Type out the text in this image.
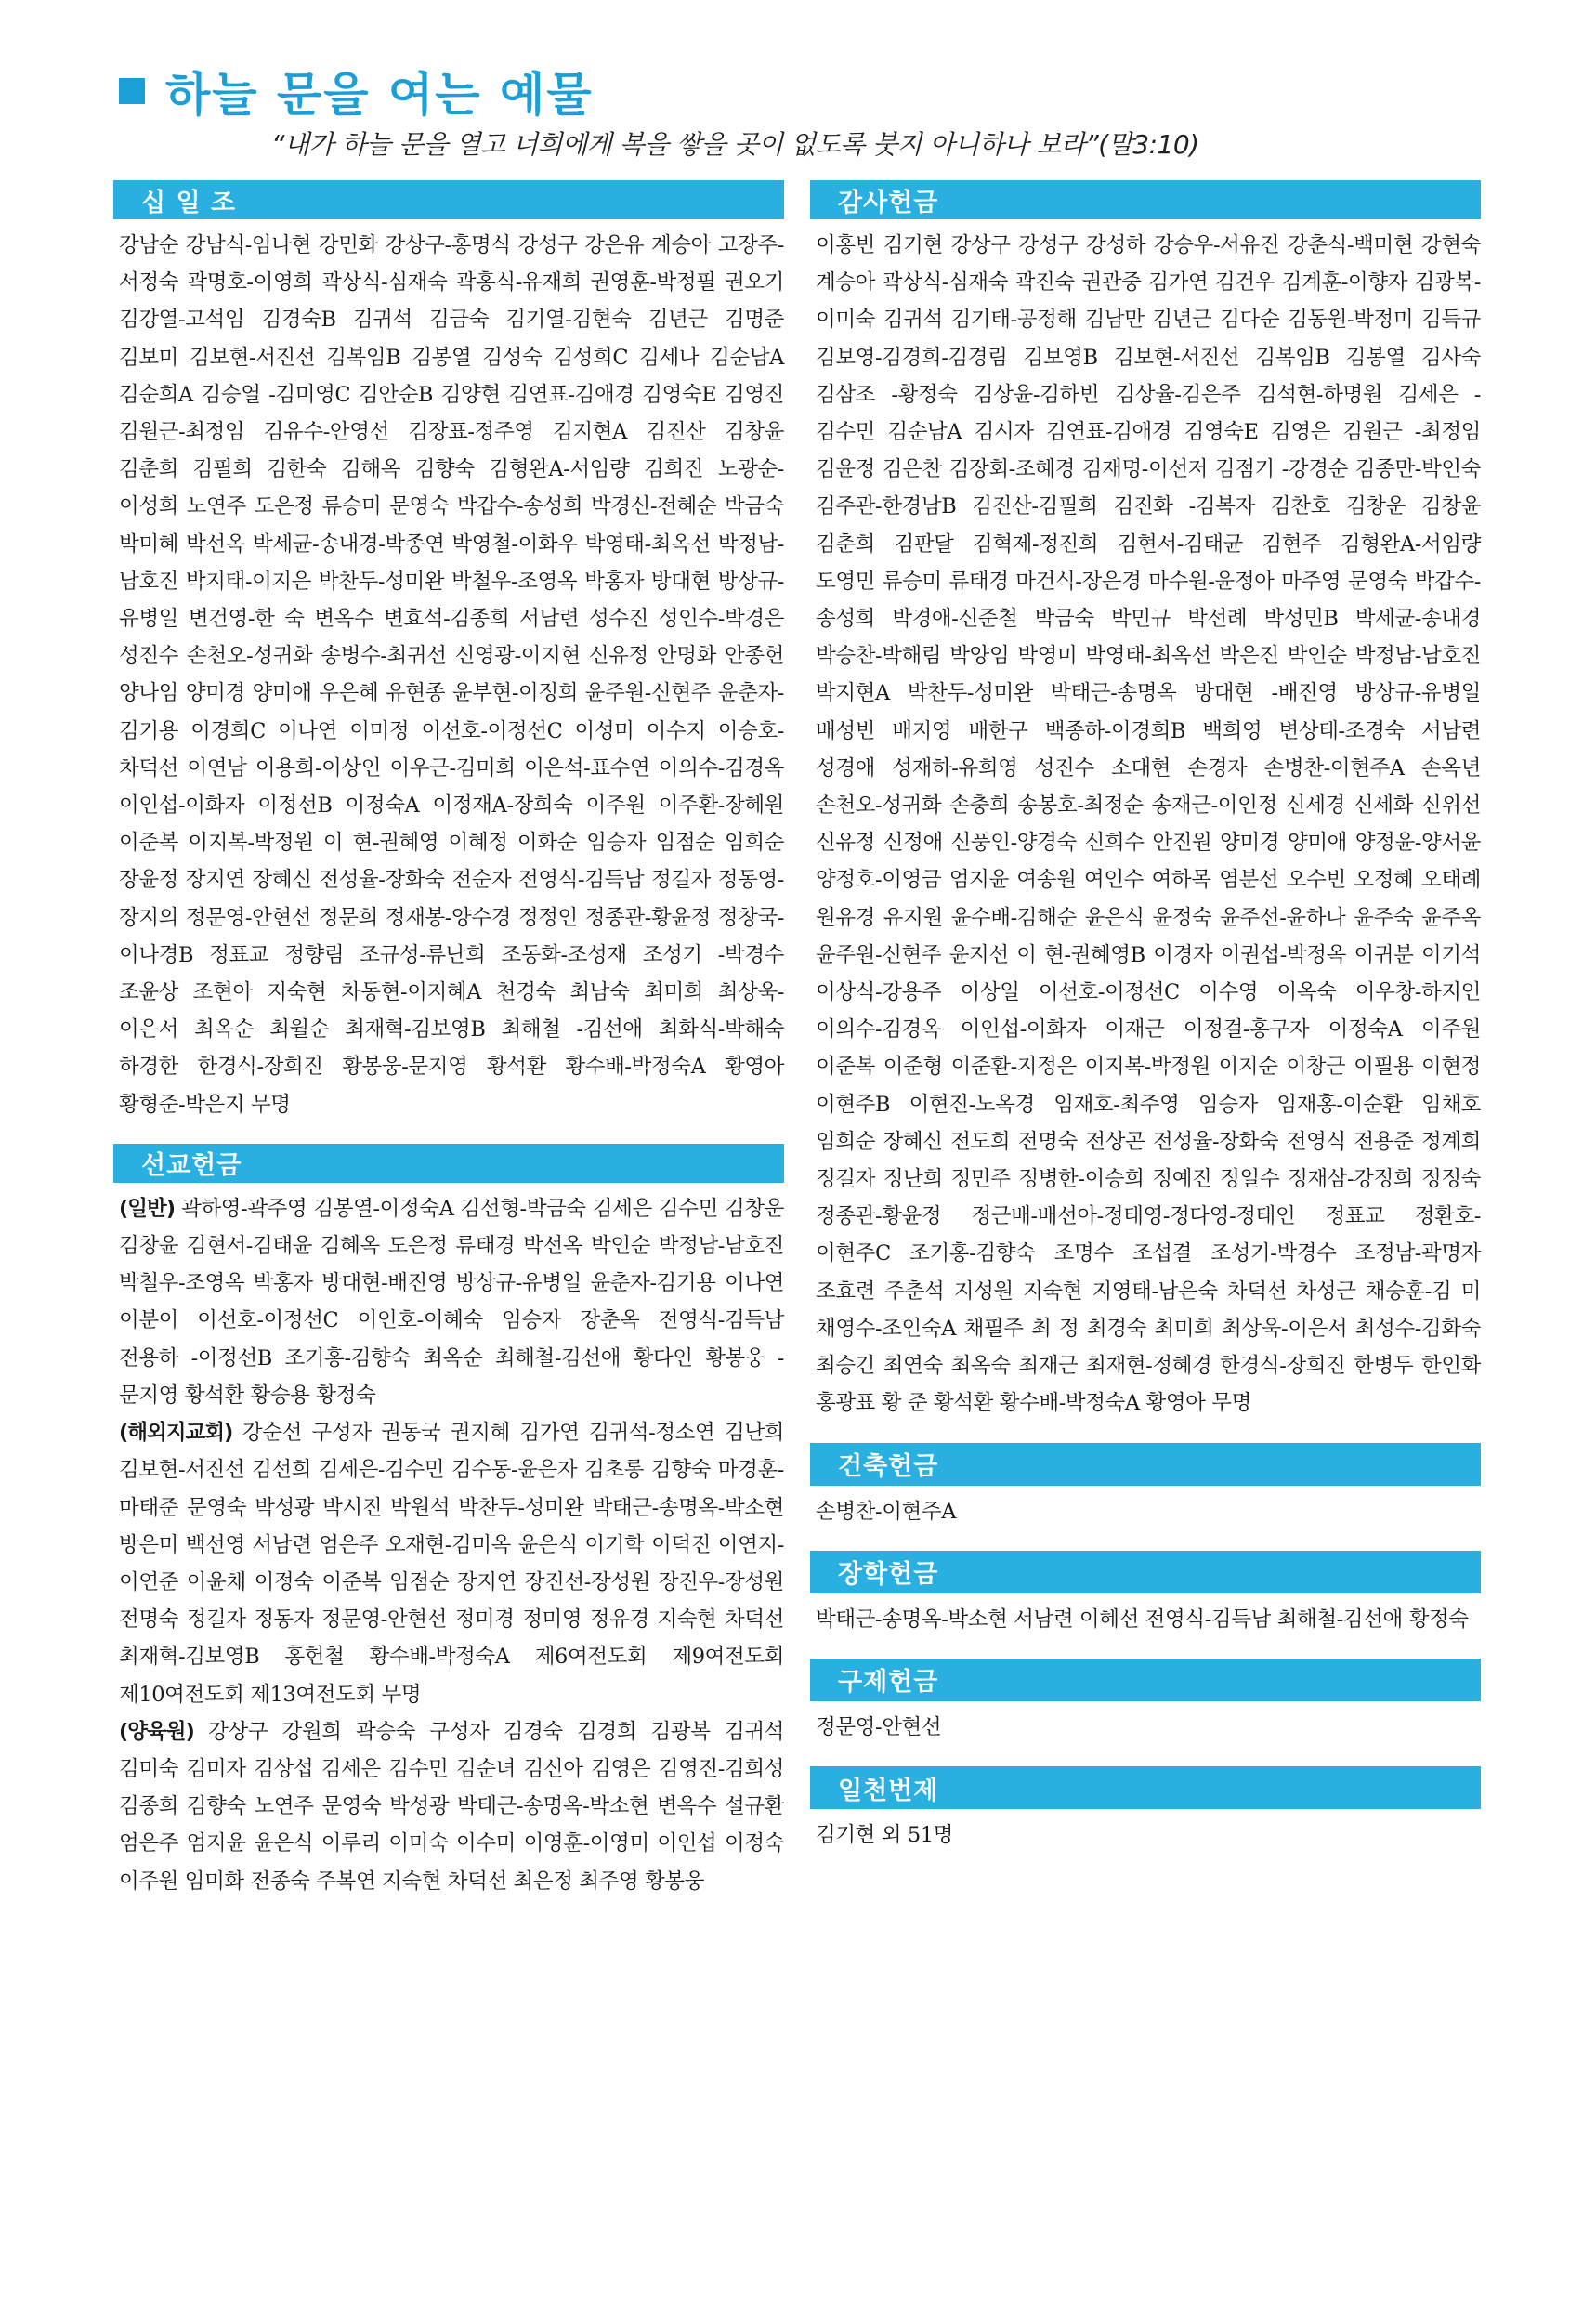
하늘 문을 여는 예물
“내가 하늘 문을 열고 너희에게 복을 쌓을 곳이 없도록 붓지 아니하나 보라”(말3:10)
십 일 조
강남순 강남식-임나현 강민화 강상구-홍명식 강성구 강은유 계승아 고장주-서정숙 곽명호-이영희 곽상식-심재숙 곽홍식-유재희 권영훈-박정필 권오기 김강열-고석임 김경숙B 김귀석 김금숙 김기열-김현숙 김년근 김명준 김보미 김보현-서진선 김복임B 김봉열 김성숙 김성희C 김세나 김순남A 김순희A 김승열 -김미영C 김안순B 김양현 김연표-김애경 김영숙E 김영진 김원근-최정임 김유수-안영선 김장표-정주영 김지현A 김진산 김창윤 김춘희 김필희 김한숙 김해옥 김향숙 김형완A-서임량 김희진 노광순-이성희 노연주 도은정 류승미 문영숙 박갑수-송성희 박경신-전혜순 박금숙 박미혜 박선옥 박세균-송내경-박종연 박영철-이화우 박영태-최옥선 박정남-남호진 박지태-이지은 박찬두-성미완 박철우-조영옥 박홍자 방대현 방상규-유병일 변건영-한 숙 변옥수 변효석-김종희 서남련 성수진 성인수-박경은 성진수 손천오-성귀화 송병수-최귀선 신영광-이지현 신유정 안명화 안종헌 양나임 양미경 양미애 우은혜 유현종 윤부현-이정희 윤주원-신현주 윤춘자-김기용 이경희C 이나연 이미정 이선호-이정선C 이성미 이수지 이승호-차덕선 이연남 이용희-이상인 이우근-김미희 이은석-표수연 이의수-김경옥 이인섭-이화자 이정선B 이정숙A 이정재A-장희숙 이주원 이주환-장혜원 이준복 이지복-박정원 이 현-권혜영 이혜정 이화순 임승자 임점순 임희순 장윤정 장지연 장혜신 전성율-장화숙 전순자 전영식-김득남 정길자 정동영-장지의 정문영-안현선 정문희 정재봉-양수경 정정인 정종관-황윤정 정창국-이나경B 정표교 정향림 조규성-류난희 조동화-조성재 조성기 -박경수 조윤상 조현아 지숙현 차동현-이지혜A 천경숙 최남숙 최미희 최상욱-이은서 최옥순 최월순 최재혁-김보영B 최해철 -김선애 최화식-박해숙 하경한 한경식-장희진 황봉웅-문지영 황석환 황수배-박정숙A 황영아 황형준-박은지 무명
선교헌금
(일반) 곽하영-곽주영 김봉열-이정숙A 김선형-박금숙 김세은 김수민 김창운 김창윤 김현서-김태윤 김혜옥 도은정 류태경 박선옥 박인순 박정남-남호진 박철우-조영옥 박홍자 방대현-배진영 방상규-유병일 윤춘자-김기용 이나연 이분이 이선호-이정선C 이인호-이혜숙 임승자 장춘옥 전영식-김득남 전용하 -이정선B 조기홍-김향숙 최옥순 최해철-김선애 황다인 황봉웅 -문지영 황석환 황승용 황정숙
(해외지교회) 강순선 구성자 권동국 권지혜 김가연 김귀석-정소연 김난희 김보현-서진선 김선희 김세은-김수민 김수동-윤은자 김초롱 김향숙 마경훈-마태준 문영숙 박성광 박시진 박원석 박찬두-성미완 박태근-송명옥-박소현 방은미 백선영 서남련 엄은주 오재현-김미옥 윤은식 이기학 이덕진 이연지-이연준 이윤채 이정숙 이준복 임점순 장지연 장진선-장성원 장진우-장성원 전명숙 정길자 정동자 정문영-안현선 정미경 정미영 정유경 지숙현 차덕선 최재혁-김보영B 홍헌철 황수배-박정숙A 제6여전도회 제9여전도회 제10여전도회 제13여전도회 무명
(양육원) 강상구 강원희 곽승숙 구성자 김경숙 김경희 김광복 김귀석 김미숙 김미자 김상섭 김세은 김수민 김순녀 김신아 김영은 김영진-김희성 김종희 김향숙 노연주 문영숙 박성광 박태근-송명옥-박소현 변옥수 설규환 엄은주 엄지윤 윤은식 이루리 이미숙 이수미 이영훈-이영미 이인섭 이정숙 이주원 임미화 전종숙 주복연 지숙현 차덕선 최은정 최주영 황봉웅
감사헌금
이홍빈 김기현 강상구 강성구 강성하 강승우-서유진 강춘식-백미현 강현숙 계승아 곽상식-심재숙 곽진숙 권관중 김가연 김건우 김계훈-이향자 김광복-이미숙 김귀석 김기태-공정해 김남만 김년근 김다순 김동원-박정미 김득규 김보영-김경희-김경림 김보영B 김보현-서진선 김복임B 김봉열 김사숙 김삼조 -황정숙 김상윤-김하빈 김상율-김은주 김석현-하명원 김세은 -김수민 김순남A 김시자 김연표-김애경 김영숙E 김영은 김원근 -최정임 김윤정 김은찬 김장회-조혜경 김재명-이선저 김점기 -강경순 김종만-박인숙 김주관-한경남B 김진산-김필희 김진화 -김복자 김찬호 김창운 김창윤 김춘희 김판달 김혁제-정진희 김현서-김태균 김현주 김형완A-서임량 도영민 류승미 류태경 마건식-장은경 마수원-윤정아 마주영 문영숙 박갑수-송성희 박경애-신준철 박금숙 박민규 박선례 박성민B 박세균-송내경 박승찬-박해림 박양임 박영미 박영태-최옥선 박은진 박인순 박정남-남호진 박지현A 박찬두-성미완 박태근-송명옥 방대현 -배진영 방상규-유병일 배성빈 배지영 배한구 백종하-이경희B 백희영 변상태-조경숙 서남련 성경애 성재하-유희영 성진수 소대현 손경자 손병찬-이현주A 손옥년 손천오-성귀화 손충희 송봉호-최정순 송재근-이인정 신세경 신세화 신위선 신유정 신정애 신풍인-양경숙 신희수 안진원 양미경 양미애 양정윤-양서윤 양정호-이영금 엄지윤 여송원 여인수 여하목 염분선 오수빈 오정혜 오태례 원유경 유지원 윤수배-김해순 윤은식 윤정숙 윤주선-윤하나 윤주숙 윤주옥 윤주원-신현주 윤지선 이 현-권혜영B 이경자 이권섭-박정옥 이귀분 이기석 이상식-강용주 이상일 이선호-이정선C 이수영 이옥숙 이우창-하지인 이의수-김경옥 이인섭-이화자 이재근 이정걸-홍구자 이정숙A 이주원 이준복 이준형 이준환-지정은 이지복-박정원 이지순 이창근 이필용 이현정 이현주B 이현진-노옥경 임재호-최주영 임승자 임재홍-이순환 임채호 임희순 장혜신 전도희 전명숙 전상곤 전성율-장화숙 전영식 전용준 정계희 정길자 정난희 정민주 정병한-이승희 정예진 정일수 정재삼-강정희 정정숙 정종관-황윤정 정근배-배선아-정태영-정다영-정태인 정표교 정환호-이현주C 조기홍-김향숙 조명수 조섭결 조성기-박경수 조정남-곽명자 조효련 주춘석 지성원 지숙현 지영태-남은숙 차덕선 차성근 채승훈-김 미 채영수-조인숙A 채필주 최 정 최경숙 최미희 최상욱-이은서 최성수-김화숙 최승긴 최연숙 최옥숙 최재근 최재현-정혜경 한경식-장희진 한병두 한인화 홍광표 황 준 황석환 황수배-박정숙A 황영아 무명
건축헌금
손병찬-이현주A
장학헌금
박태근-송명옥-박소현 서남련 이혜선 전영식-김득남 최해철-김선애 황정숙
구제헌금
정문영-안현선
일천번제
김기현 외 51명
